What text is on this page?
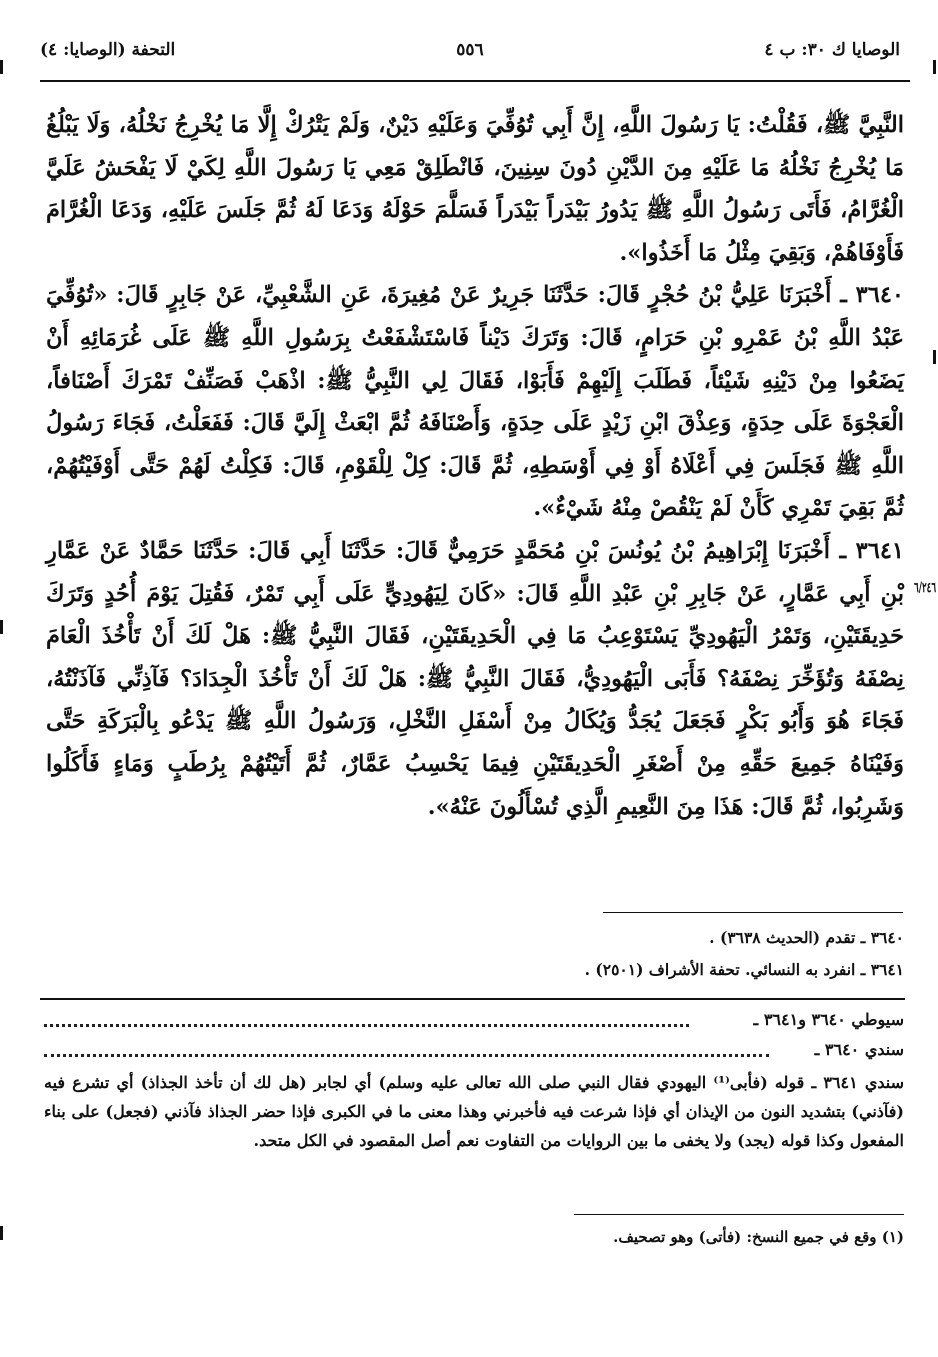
الوصايا ك ٣٠: ب ٤
٥٥٦
التحفة (الوصايا: ٤)

النَّبِيَّ ﷺ، فَقُلْتُ: يَا رَسُولَ اللَّهِ، إِنَّ أَبِي تُوُفِّيَ وَعَلَيْهِ دَيْنٌ، وَلَمْ يَتْرُكْ إِلَّا مَا يُخْرِجُ نَخْلُهُ، وَلَا يَبْلُغُ مَا يُخْرِجُ نَخْلُهُ مَا عَلَيْهِ مِنَ الدَّيْنِ دُونَ سِنِينَ، فَانْطَلِقْ مَعِي يَا رَسُولَ اللَّهِ لِكَيْ لَا يَفْحَشُ عَلَيَّ الْغُرَّامُ، فَأَتَى رَسُولُ اللَّهِ ﷺ يَدُورُ بَيْدَراً بَيْدَراً فَسَلَّمَ حَوْلَهُ وَدَعَا لَهُ ثُمَّ جَلَسَ عَلَيْهِ، وَدَعَا الْغُرَّامَ فَأَوْفَاهُمْ، وَبَقِيَ مِثْلُ مَا أَخَذُوا».

٣٦٤٠ ـ أَخْبَرَنَا عَلِيُّ بْنُ حُجْرٍ قَالَ: حَدَّثَنَا جَرِيرٌ عَنْ مُغِيرَةَ، عَنِ الشَّعْبِيِّ، عَنْ جَابِرٍ قَالَ: «تُوُفِّيَ عَبْدُ اللَّهِ بْنُ عَمْرِو بْنِ حَرَامٍ، قَالَ: وَتَرَكَ دَيْناً فَاسْتَشْفَعْتُ بِرَسُولِ اللَّهِ ﷺ عَلَى غُرَمَائِهِ أَنْ يَضَعُوا مِنْ دَيْنِهِ شَيْئاً، فَطَلَبَ إِلَيْهِمْ فَأَبَوْا، فَقَالَ لِي النَّبِيُّ ﷺ: اذْهَبْ فَصَنِّفْ تَمْرَكَ أَصْنَافاً، الْعَجْوَةَ عَلَى حِدَةٍ، وَعِذْقَ ابْنِ زَيْدٍ عَلَى حِدَةٍ، وَأَصْنَافَهُ ثُمَّ ابْعَثْ إِلَيَّ قَالَ: فَفَعَلْتُ، فَجَاءَ رَسُولُ اللَّهِ ﷺ فَجَلَسَ فِي أَعْلَاهُ أَوْ فِي أَوْسَطِهِ، ثُمَّ قَالَ: كِلْ لِلْقَوْمِ، قَالَ: فَكِلْتُ لَهُمْ حَتَّى أَوْفَيْتُهُمْ، ثُمَّ بَقِيَ تَمْرِي كَأَنْ لَمْ يَنْقُصْ مِنْهُ شَيْءٌ».

٣٦٤١ ـ أَخْبَرَنَا إِبْرَاهِيمُ بْنُ يُونُسَ بْنِ مُحَمَّدٍ حَرَمِيٌّ قَالَ: حَدَّثَنَا أَبِي قَالَ: حَدَّثَنَا حَمَّادٌ عَنْ عَمَّارِ بْنِ أَبِي عَمَّارٍ، عَنْ جَابِرِ بْنِ عَبْدِ اللَّهِ قَالَ: «كَانَ لِيَهُودِيٍّ عَلَى أَبِي تَمْرٌ، فَقُتِلَ يَوْمَ أُحُدٍ وَتَرَكَ حَدِيقَتَيْنِ، وَتَمْرُ الْيَهُودِيِّ يَسْتَوْعِبُ مَا فِي الْحَدِيقَتَيْنِ، فَقَالَ النَّبِيُّ ﷺ: هَلْ لَكَ أَنْ تَأْخُذَ الْعَامَ نِصْفَهُ وَتُؤَخِّرَ نِصْفَهُ؟ فَأَبَى الْيَهُودِيُّ، فَقَالَ النَّبِيُّ ﷺ: هَلْ لَكَ أَنْ تَأْخُذَ الْجِدَادَ؟ فَآذِنِّي فَآذَنْتُهُ، فَجَاءَ هُوَ وَأَبُو بَكْرٍ فَجَعَلَ يُجَدُّ وَيُكَالُ مِنْ أَسْفَلِ النَّخْلِ، وَرَسُولُ اللَّهِ ﷺ يَدْعُو بِالْبَرَكَةِ حَتَّى وَفَيْنَاهُ جَمِيعَ حَقِّهِ مِنْ أَصْغَرِ الْحَدِيقَتَيْنِ فِيمَا يَحْسِبُ عَمَّارٌ، ثُمَّ أَتَيْتُهُمْ بِرُطَبٍ وَمَاءٍ فَأَكَلُوا وَشَرِبُوا، ثُمَّ قَالَ: هَذَا مِنَ النَّعِيمِ الَّذِي تُسْأَلُونَ عَنْهُ».

٦/٢٤٦
٣٦٤٠ ـ تقدم (الحديث ٣٦٣٨) .
٣٦٤١ ـ انفرد به النسائي. تحفة الأشراف (٢٥٠١) .
سيوطي ٣٦٤٠ و٣٦٤١ ـ
سندي ٣٦٤٠ ـ
سندي ٣٦٤١ ـ قوله (فأبى⁽¹⁾ اليهودي فقال النبي صلى الله تعالى عليه وسلم) أي لجابر (هل لك أن تأخذ الجذاذ) أي تشرع فيه (فآذني) بتشديد النون من الإيذان أي فإذا شرعت فيه فأخبرني وهذا معنى ما في الكبرى فإذا حضر الجذاذ فآذني (فجعل) على بناء المفعول وكذا قوله (يجد) ولا يخفى ما بين الروايات من التفاوت نعم أصل المقصود في الكل متحد.
(١) وقع في جميع النسخ: (فأتى) وهو تصحيف.
